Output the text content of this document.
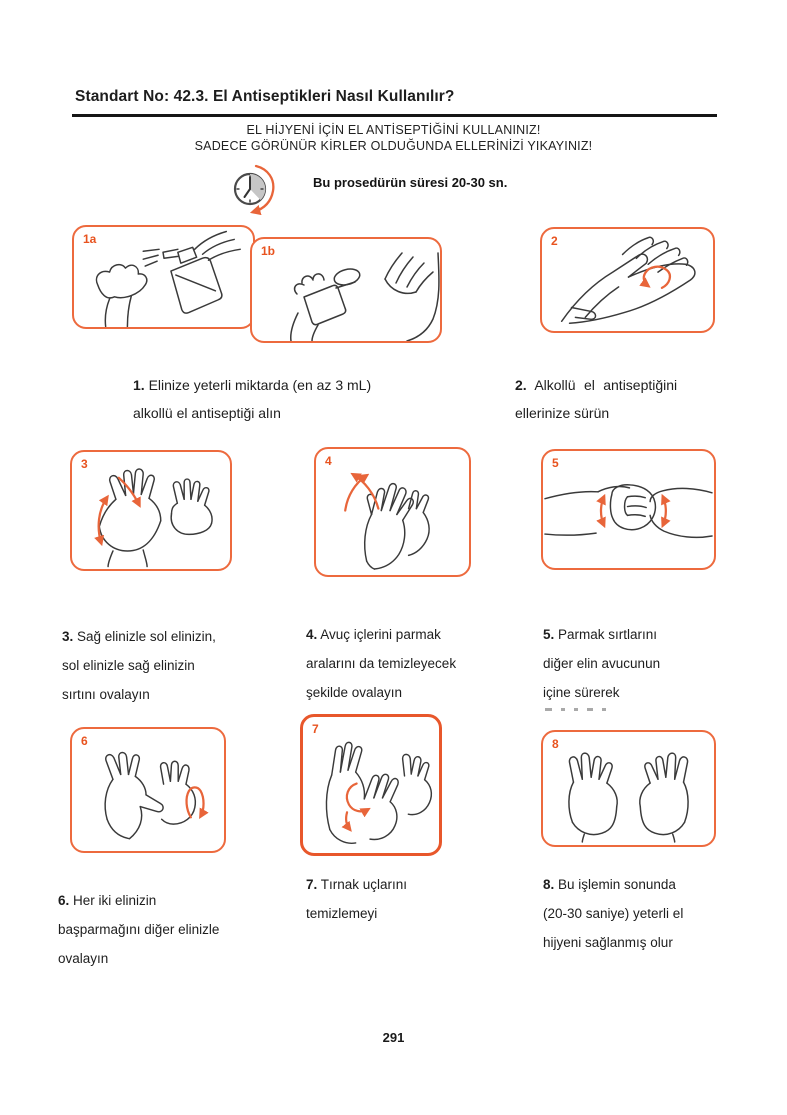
Standart No: 42.3. El Antiseptikleri Nasıl Kullanılır?
EL HİJYENİ İÇİN EL ANTİSEPTİĞİNİ KULLANINIZ!
SADECE GÖRÜNÜR KİRLER OLDUĞUNDA ELLERİNİZİ YIKAYINIZ!
Bu prosedürün süresi 20-30 sn.
1a
1b
2
3	4	5
6
7
8
1. Elinize yeterli miktarda (en az 3 mL)
alkollü el antiseptiği alın
2. Alkollü el antiseptiğini
ellerinize sürün
3. Sağ elinizle sol elinizin,
sol elinizle sağ elinizin
sırtını ovalayın
4. Avuç içlerini parmak
aralarını da temizleyecek
şekilde ovalayın
5. Parmak sırtlarını
diğer elin avucunun
içine sürerek
6. Her iki elinizin
başparmağını diğer elinizle
ovalayın
7. Tırnak uçlarını
temizlemeyi
8. Bu işlemin sonunda
(20-30 saniye) yeterli el
hijyeni sağlanmış olur
291
